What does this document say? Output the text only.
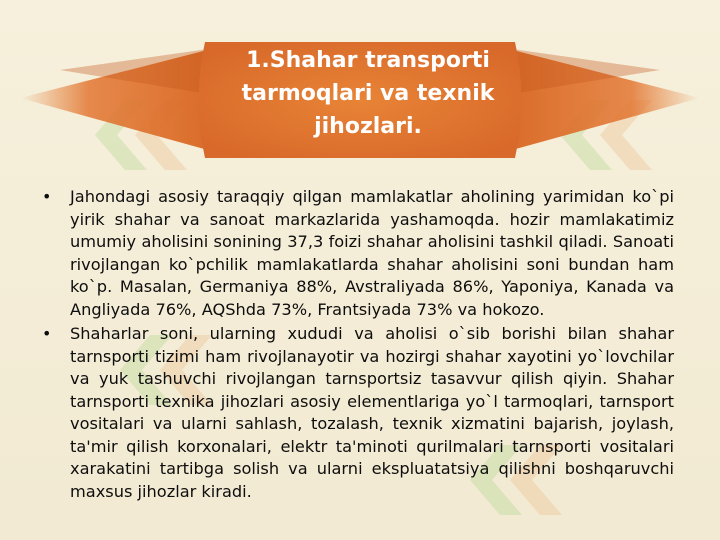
1.Shahar transporti tarmoqlari va texnik jihozlari.
•	Jahondagi asosiy taraqqiy qilgan mamlakatlar aholining yarimidan ko`pi yirik shahar va sanoat markazlarida yashamoqda. hozir mamlakatimiz umumiy aholisini sonining 37,3 foizi shahar aholisini tashkil qiladi. Sanoati rivojlangan ko`pchilik mamlakatlarda shahar aholisini soni bundan ham ko`p. Masalan, Germaniya 88%, Avstraliyada 86%, Yaponiya, Kanada va Angliyada 76%, AQShda 73%, Frantsiyada 73% va hokozo.
•	Shaharlar soni, ularning xududi va aholisi o`sib borishi bilan shahar tarnsporti tizimi ham rivojlanayotir va hozirgi shahar xayotini yo`lovchilar va yuk tashuvchi rivojlangan tarnsportsiz tasavvur qilish qiyin. Shahar tarnsporti texnika jihozlari asosiy elementlariga yo`l tarmoqlari, tarnsport vositalari va ularni sahlash, tozalash, texnik xizmatini bajarish, joylash, ta'mir qilish korxonalari, elektr ta'minoti qurilmalari tarnsporti vositalari xarakatini tartibga solish va ularni ekspluatatsiya qilishni boshqaruvchi maxsus jihozlar kiradi.
